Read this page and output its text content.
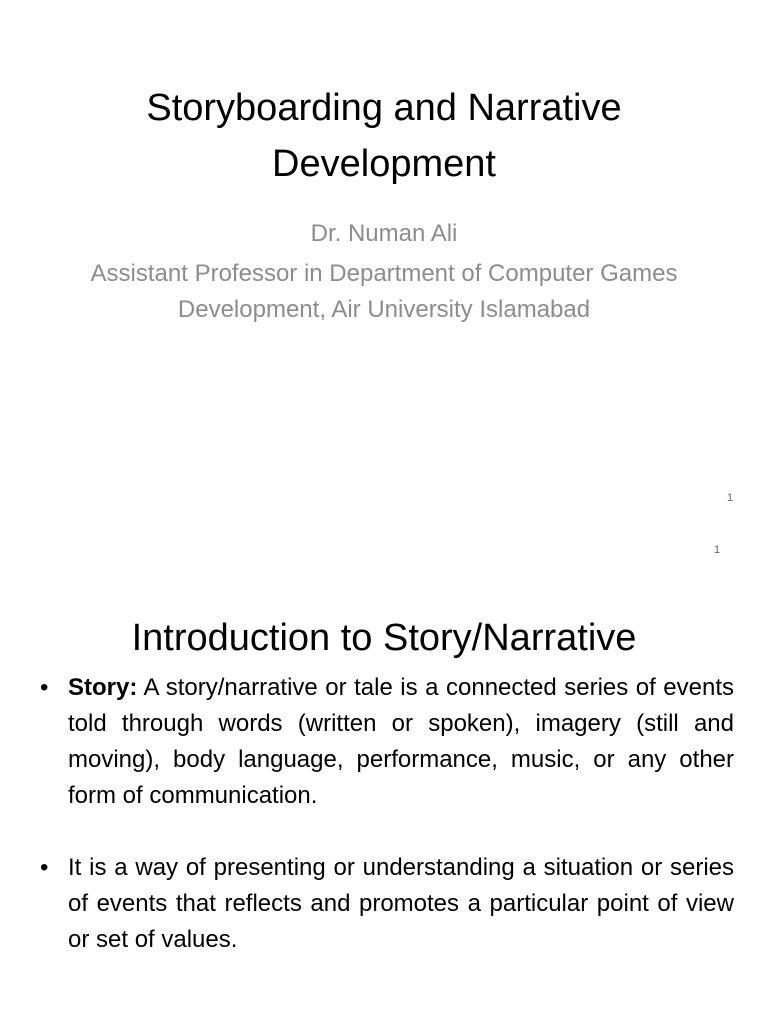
Storyboarding and Narrative
Development
Dr. Numan Ali
Assistant Professor in Department of Computer Games
Development, Air University Islamabad
1
1
Introduction to Story/Narrative
• Story: A story/narrative or tale is a connected series of events told through words (written or spoken), imagery (still and moving), body language, performance, music, or any other form of communication.
• It is a way of presenting or understanding a situation or series of events that reflects and promotes a particular point of view or set of values.
